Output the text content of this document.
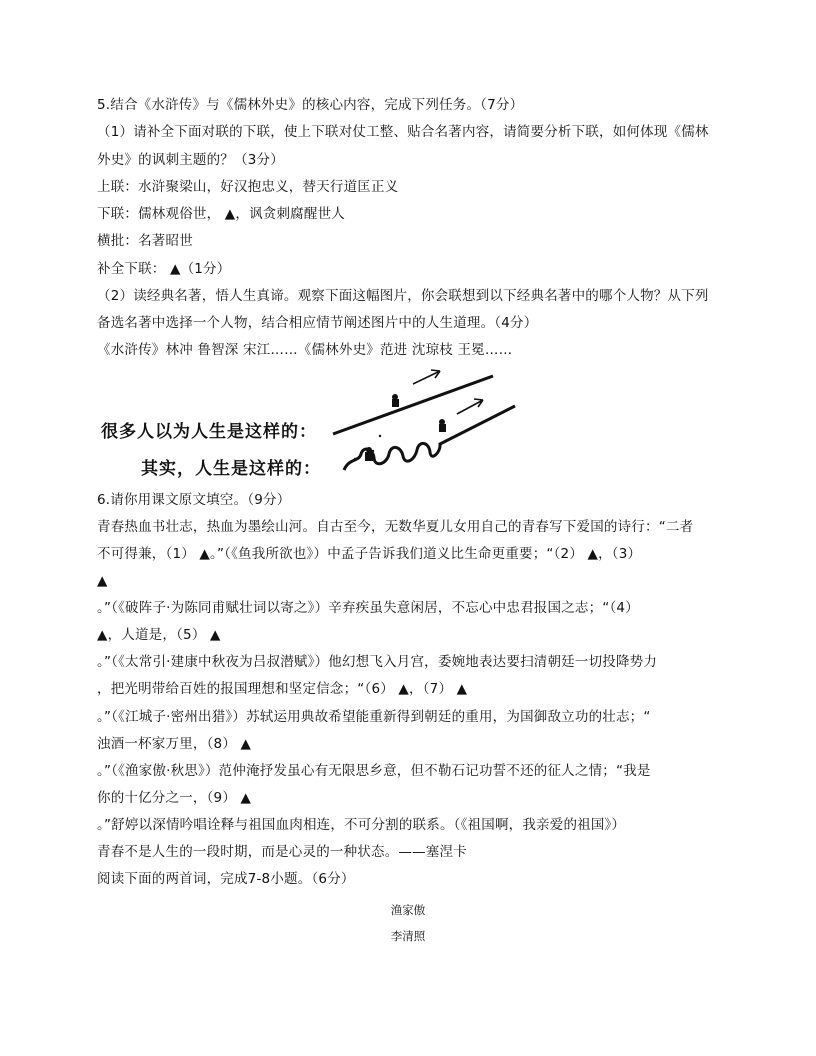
5.结合《水浒传》与《儒林外史》的核心内容，完成下列任务。（7分）
（1）请补全下面对联的下联，使上下联对仗工整、贴合名著内容，请简要分析下联，如何体现《儒林
外史》的讽刺主题的？（3分）
上联：水浒聚梁山，好汉抱忠义，替天行道匡正义
下联：儒林观俗世， ▲，讽贪刺腐醒世人
横批：名著昭世
补全下联： ▲（1分）
（2）读经典名著，悟人生真谛。观察下面这幅图片，你会联想到以下经典名著中的哪个人物？从下列
备选名著中选择一个人物，结合相应情节阐述图片中的人生道理。（4分）
《水浒传》林冲 鲁智深 宋江……《儒林外史》范进 沈琼枝 王冕……
很多人以为人生是这样的：
其实，人生是这样的：
6.请你用课文原文填空。（9分）
青春热血书壮志，热血为墨绘山河。自古至今，无数华夏儿女用自己的青春写下爱国的诗行：“二者
不可得兼，（1） ▲。”（《鱼我所欲也》）中孟子告诉我们道义比生命更重要；“（2） ▲，（3）
▲
。”（《破阵子·为陈同甫赋壮词以寄之》）辛弃疾虽失意闲居，不忘心中忠君报国之志；“（4）
▲，人道是，（5） ▲
。”（《太常引·建康中秋夜为吕叔潜赋》）他幻想飞入月宫，委婉地表达要扫清朝廷一切投降势力
，把光明带给百姓的报国理想和坚定信念；“（6） ▲，（7） ▲
。”（《江城子·密州出猎》）苏轼运用典故希望能重新得到朝廷的重用，为国御敌立功的壮志；“
浊酒一杯家万里，（8） ▲
。”（《渔家傲·秋思》）范仲淹抒发虽心有无限思乡意，但不勒石记功誓不还的征人之情；“我是
你的十亿分之一，（9） ▲
。”舒婷以深情吟唱诠释与祖国血肉相连，不可分割的联系。（《祖国啊，我亲爱的祖国》）
青春不是人生的一段时期，而是心灵的一种状态。——塞涅卡
阅读下面的两首词，完成7-8小题。（6分）
渔家傲
李清照
